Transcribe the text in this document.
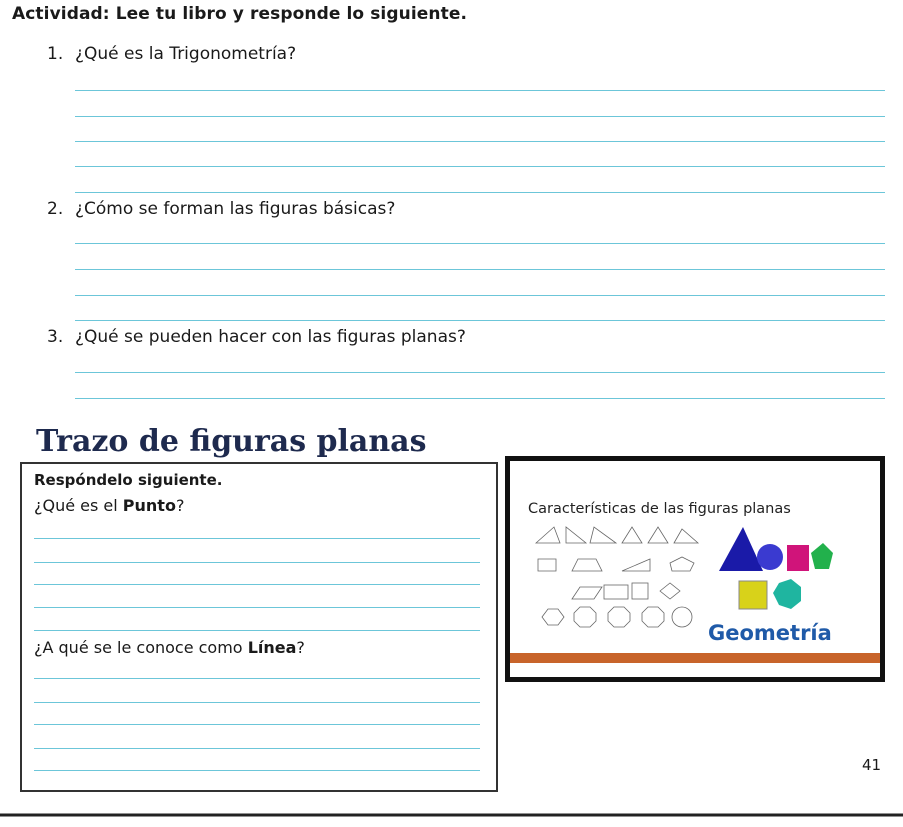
Actividad: Lee tu libro y responde lo siguiente.
1. ¿Qué es la Trigonometría?
2. ¿Cómo se forman las figuras básicas?
3. ¿Qué se pueden hacer con las figuras planas?
Trazo de figuras planas
Respóndelo siguiente.
¿Qué es el Punto?
¿A qué se le conoce como Línea?
Características de las figuras planas
Geometría
41
